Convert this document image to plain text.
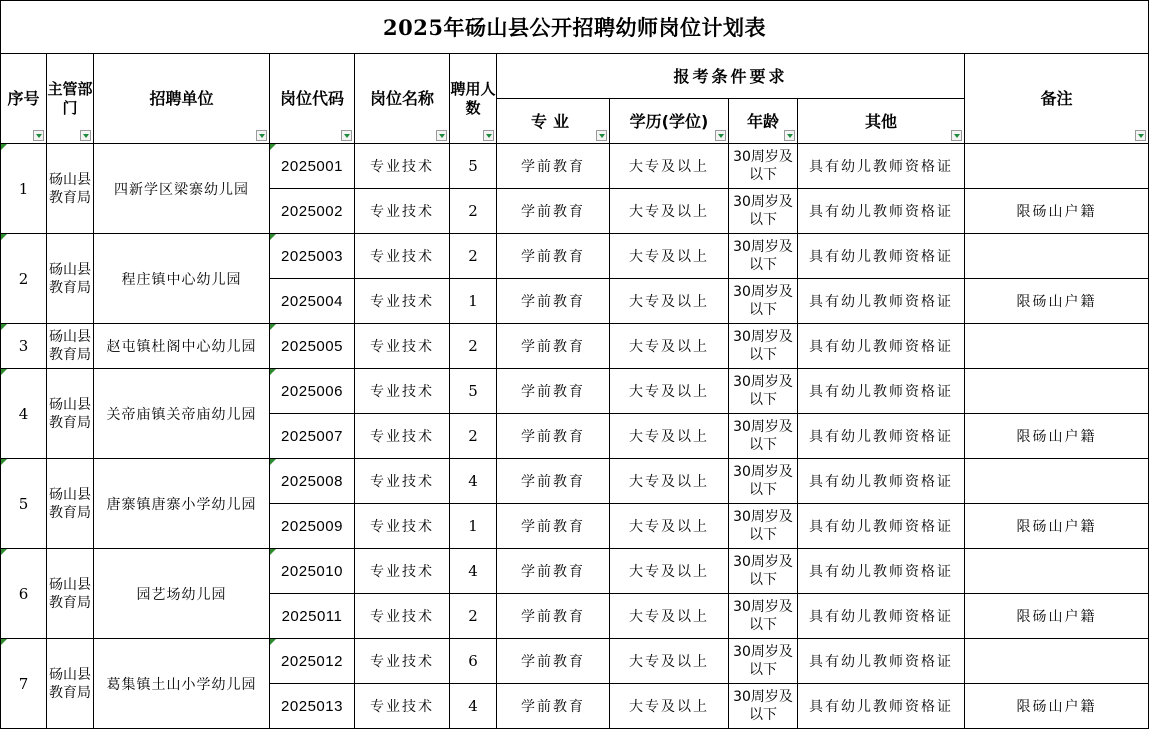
2025年砀山县公开招聘幼师岗位计划表										
序号	主管部门	招聘单位	岗位代码	岗位名称	聘用人数	报考条件要求				备注

						专业	学历(学位)	年龄	其他	

1	砀山县教育局	四新学区梁寨幼儿园	2025001	专业技术	5	学前教育	大专及以上	30周岁及以下	具有幼儿教师资格证	
			2025002	专业技术	2	学前教育	大专及以上	30周岁及以下	具有幼儿教师资格证	限砀山户籍
2	砀山县教育局	程庄镇中心幼儿园	2025003	专业技术	2	学前教育	大专及以上	30周岁及以下	具有幼儿教师资格证	
			2025004	专业技术	1	学前教育	大专及以上	30周岁及以下	具有幼儿教师资格证	限砀山户籍
3	砀山县教育局	赵屯镇杜阁中心幼儿园	2025005	专业技术	2	学前教育	大专及以上	30周岁及以下	具有幼儿教师资格证	
4	砀山县教育局	关帝庙镇关帝庙幼儿园	2025006	专业技术	5	学前教育	大专及以上	30周岁及以下	具有幼儿教师资格证	
			2025007	专业技术	2	学前教育	大专及以上	30周岁及以下	具有幼儿教师资格证	限砀山户籍
5	砀山县教育局	唐寨镇唐寨小学幼儿园	2025008	专业技术	4	学前教育	大专及以上	30周岁及以下	具有幼儿教师资格证	
			2025009	专业技术	1	学前教育	大专及以上	30周岁及以下	具有幼儿教师资格证	限砀山户籍
6	砀山县教育局	园艺场幼儿园	2025010	专业技术	4	学前教育	大专及以上	30周岁及以下	具有幼儿教师资格证	
			2025011	专业技术	2	学前教育	大专及以上	30周岁及以下	具有幼儿教师资格证	限砀山户籍
7	砀山县教育局	葛集镇土山小学幼儿园	2025012	专业技术	6	学前教育	大专及以上	30周岁及以下	具有幼儿教师资格证	
			2025013	专业技术	4	学前教育	大专及以上	30周岁及以下	具有幼儿教师资格证	限砀山户籍
